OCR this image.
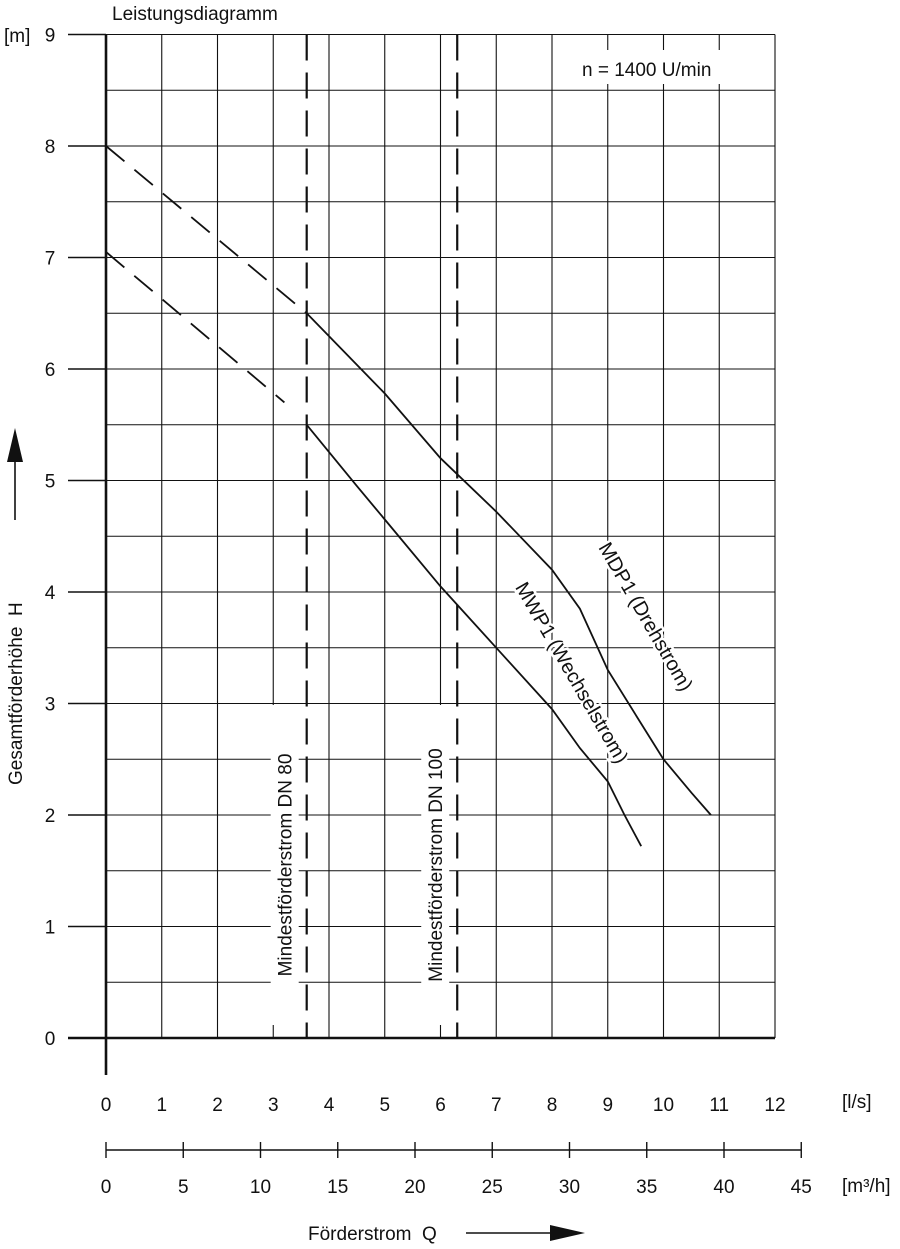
0
1
2
3
4
5
6
7
8
9
0 1 2 3 4 5 6 7 8 9 10 11 12
0	5	10	15	20	25	30	35	40	45
Mindestförderstrom DN 80	Mindestförderstrom DN 100
MDP1 (Drehstrom)
MWP1 (Wechselstrom)
Leistungsdiagramm
[m]
[l/s]
[m³/h]
n = 1400 U/min
Förderstrom  Q
Gesamtförderhöhe  H
